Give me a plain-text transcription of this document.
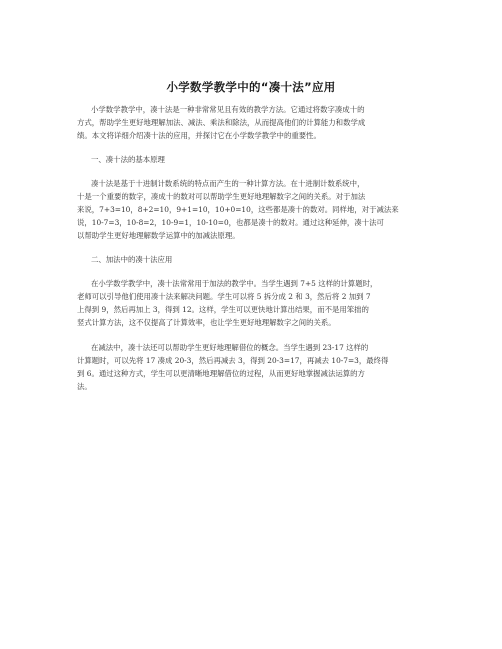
小学数学教学中的“凑十法”应用
小学数学教学中，凑十法是一种非常常见且有效的教学方法。它通过将数字凑成十的
方式，帮助学生更好地理解加法、减法、乘法和除法，从而提高他们的计算能力和数学成
绩。本文将详细介绍凑十法的应用，并探讨它在小学数学教学中的重要性。
一、凑十法的基本原理
凑十法是基于十进制计数系统的特点而产生的一种计算方法。在十进制计数系统中，
十是一个重要的数字，凑成十的数对可以帮助学生更好地理解数字之间的关系。对于加法
来说，7+3=10，8+2=10，9+1=10，10+0=10，这些都是凑十的数对。同样地，对于减法来
说，10-7=3，10-8=2，10-9=1，10-10=0，也都是凑十的数对。通过这种延伸，凑十法可
以帮助学生更好地理解数学运算中的加减法原理。
二、加法中的凑十法应用
在小学数学教学中，凑十法常常用于加法的教学中。当学生遇到 7+5 这样的计算题时，
老师可以引导他们使用凑十法来解决问题。学生可以将 5 拆分成 2 和 3，然后将 2 加到 7
上得到 9，然后再加上 3，得到 12。这样，学生可以更快地计算出结果，而不是用笨拙的
竖式计算方法，这不仅提高了计算效率，也让学生更好地理解数字之间的关系。
在减法中，凑十法还可以帮助学生更好地理解借位的概念。当学生遇到 23-17 这样的
计算题时，可以先将 17 凑成 20-3，然后再减去 3，得到 20-3=17，再减去 10-7=3，最终得
到 6。通过这种方式，学生可以更清晰地理解借位的过程，从而更好地掌握减法运算的方
法。
